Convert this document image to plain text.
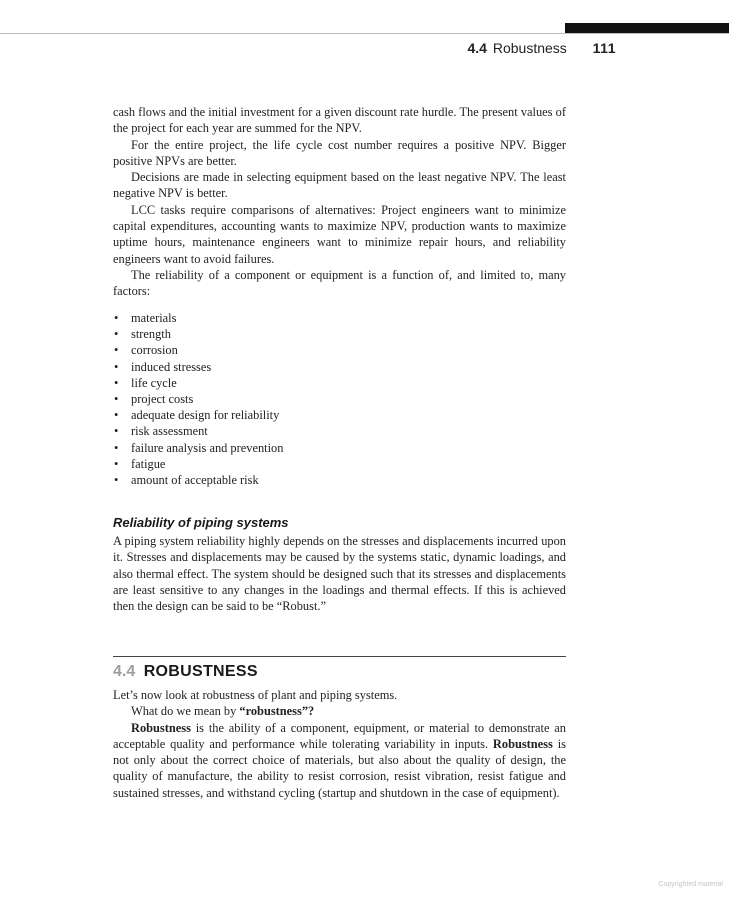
4.4 Robustness 111

cash flows and the initial investment for a given discount rate hurdle. The present values of the project for each year are summed for the NPV.

For the entire project, the life cycle cost number requires a positive NPV. Bigger positive NPVs are better.

Decisions are made in selecting equipment based on the least negative NPV. The least negative NPV is better.

LCC tasks require comparisons of alternatives: Project engineers want to minimize capital expenditures, accounting wants to maximize NPV, production wants to maximize uptime hours, maintenance engineers want to minimize repair hours, and reliability engineers want to avoid failures.

The reliability of a component or equipment is a function of, and limited to, many factors:

• materials
• strength
• corrosion
• induced stresses
• life cycle
• project costs
• adequate design for reliability
• risk assessment
• failure analysis and prevention
• fatigue
• amount of acceptable risk
Reliability of piping systems

A piping system reliability highly depends on the stresses and displacements incurred upon it. Stresses and displacements may be caused by the systems static, dynamic loadings, and also thermal effect. The system should be designed such that its stresses and displacements are least sensitive to any changes in the loadings and thermal effects. If this is achieved then the design can be said to be “Robust.”

4.4 ROBUSTNESS

Let’s now look at robustness of plant and piping systems.

What do we mean by “robustness”?

Robustness is the ability of a component, equipment, or material to demonstrate an acceptable quality and performance while tolerating variability in inputs. Robustness is not only about the correct choice of materials, but also about the quality of design, the quality of manufacture, the ability to resist corrosion, resist vibration, resist fatigue and sustained stresses, and withstand cycling (startup and shutdown in the case of equipment).

Copyrighted material
